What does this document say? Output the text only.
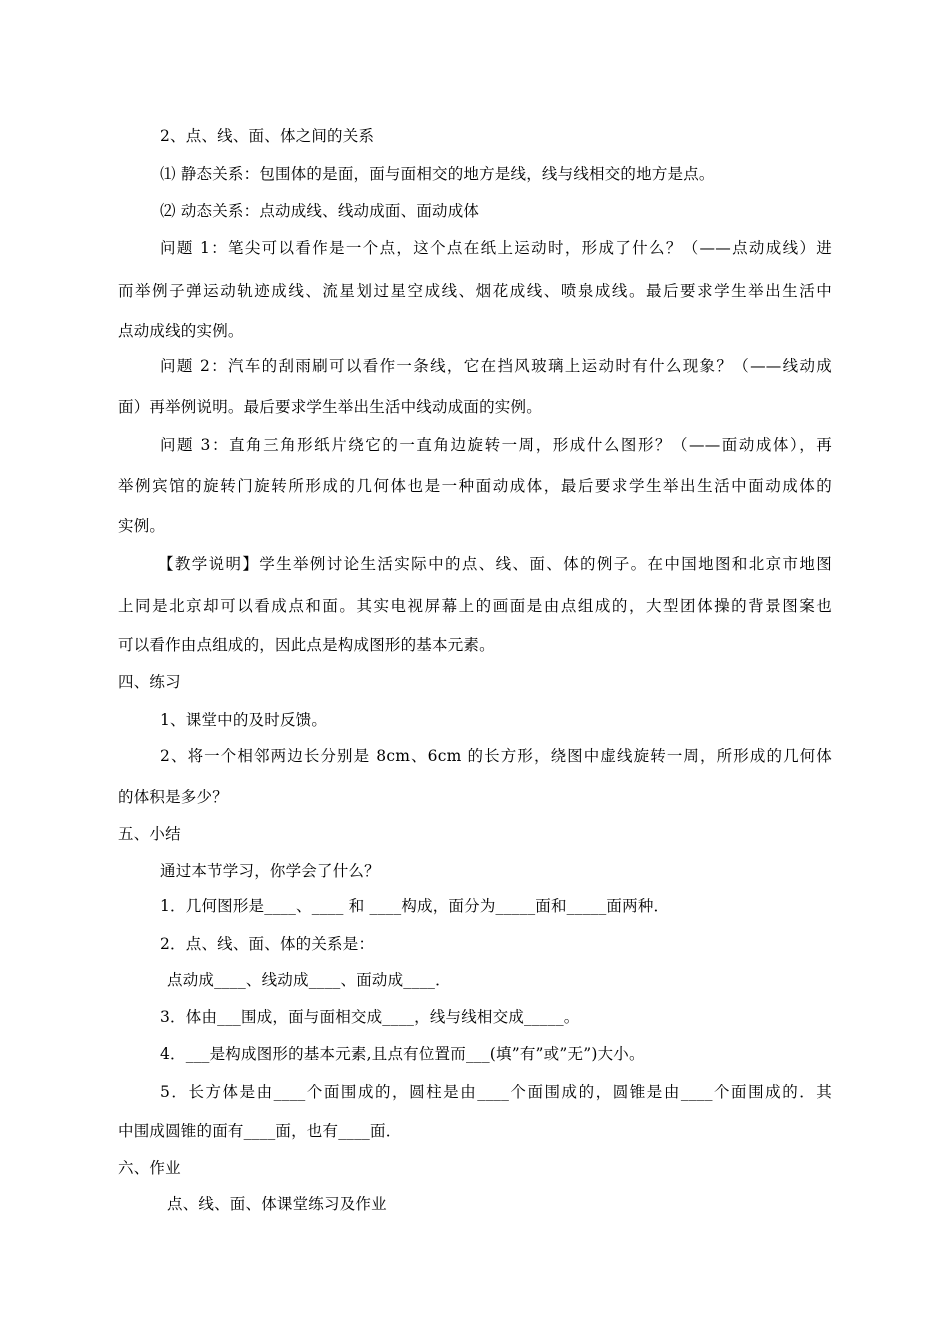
2、点、线、面、体之间的关系
⑴ 静态关系：包围体的是面，面与面相交的地方是线，线与线相交的地方是点。
⑵ 动态关系：点动成线、线动成面、面动成体
问题 1：笔尖可以看作是一个点，这个点在纸上运动时，形成了什么？（——点动成线）进
而举例子弹运动轨迹成线、流星划过星空成线、烟花成线、喷泉成线。最后要求学生举出生活中
点动成线的实例。
问题 2：汽车的刮雨刷可以看作一条线，它在挡风玻璃上运动时有什么现象？（——线动成
面）再举例说明。最后要求学生举出生活中线动成面的实例。
问题 3：直角三角形纸片绕它的一直角边旋转一周，形成什么图形？（——面动成体），再
举例宾馆的旋转门旋转所形成的几何体也是一种面动成体，最后要求学生举出生活中面动成体的
实例。
【教学说明】学生举例讨论生活实际中的点、线、面、体的例子。在中国地图和北京市地图
上同是北京却可以看成点和面。其实电视屏幕上的画面是由点组成的，大型团体操的背景图案也
可以看作由点组成的，因此点是构成图形的基本元素。
四、练习
1、课堂中的及时反馈。
2、将一个相邻两边长分别是 8cm、6cm 的长方形，绕图中虚线旋转一周，所形成的几何体
的体积是多少？
五、小结
通过本节学习，你学会了什么？
1．几何图形是____、____ 和 ____构成，面分为_____面和_____面两种．
2．点、线、面、体的关系是：
点动成____、线动成____、面动成____．
3．体由___围成，面与面相交成____，线与线相交成_____。
4．___是构成图形的基本元素,且点有位置而___(填”有”或”无”)大小。
5．长方体是由____个面围成的，圆柱是由____个面围成的，圆锥是由____个面围成的．其
中围成圆锥的面有____面，也有____面．
六、作业
点、线、面、体课堂练习及作业
